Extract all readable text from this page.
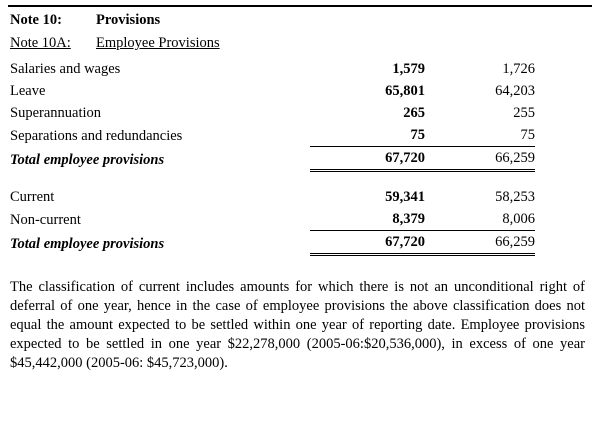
Note 10:	Provisions
Note 10A:	Employee Provisions
Salaries and wages	1,579	1,726	
Leave	65,801	64,203	
Superannuation	265	255	
Separations and redundancies	75	75	
Total employee provisions	67,720	66,259	

Current	59,341	58,253	
Non-current	8,379	8,006	
Total employee provisions	67,720	66,259	
The classification of current includes amounts for which there is not an unconditional right of deferral of one year, hence in the case of employee provisions the above classification does not equal the amount expected to be settled within one year of reporting date. Employee provisions expected to be settled in one year $22,278,000 (2005-06:$20,536,000), in excess of one year $45,442,000 (2005-06: $45,723,000).
